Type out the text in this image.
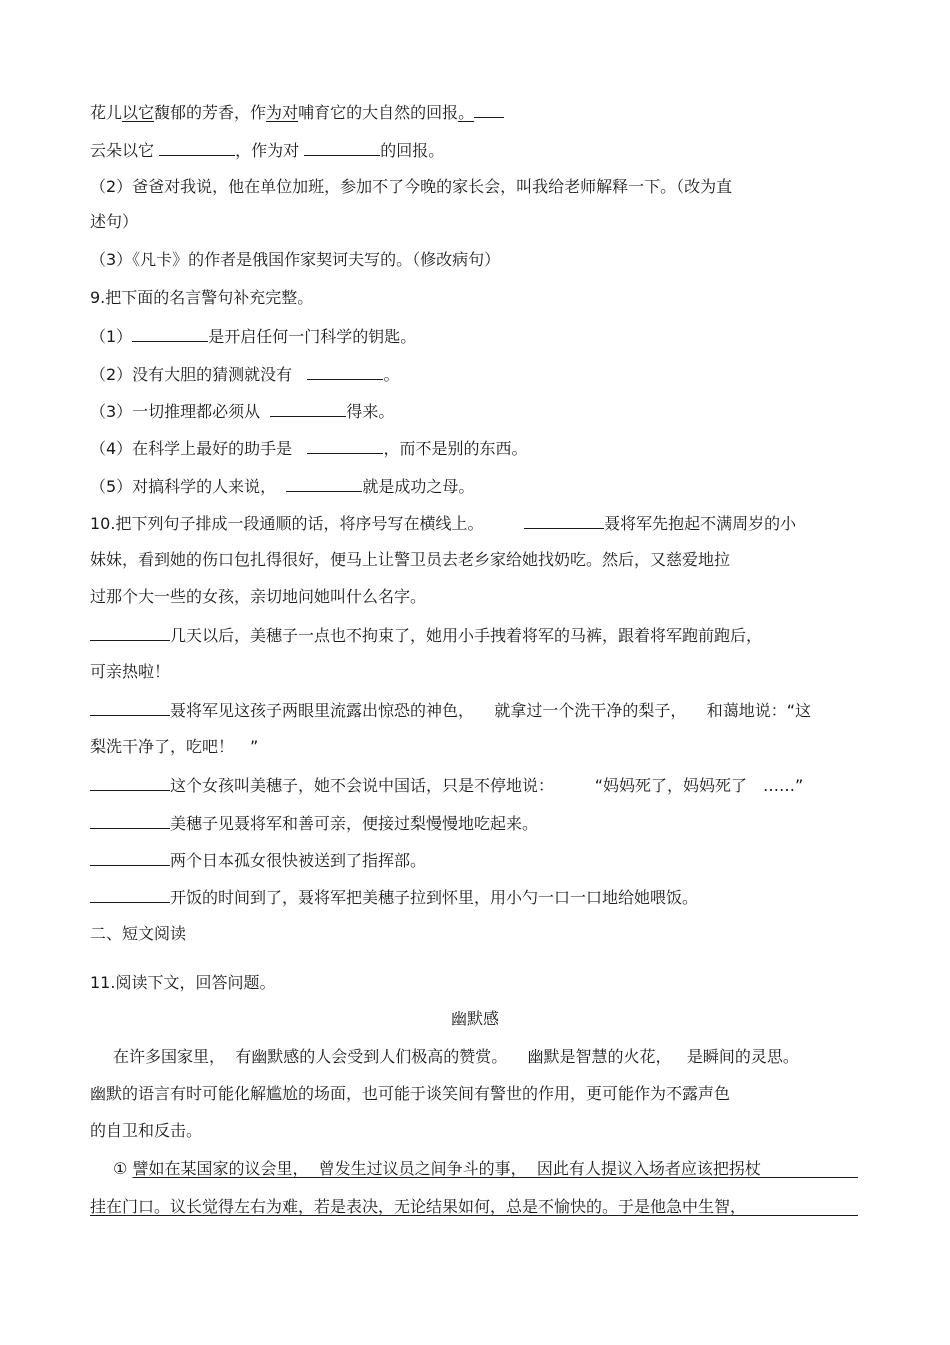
花儿以它馥郁的芳香，作为对哺育它的大自然的回报。
云朵以它	，作为对	的回报。
（2）爸爸对我说，他在单位加班，参加不了今晚的家长会，叫我给老师解释一下。（改为直
述句）
（3）《凡卡》的作者是俄国作家契诃夫写的。（修改病句）
9.把下面的名言警句补充完整。
（1）	是开启任何一门科学的钥匙。
（2）没有大胆的猜测就没有	。
（3）一切推理都必须从	得来。
（4）在科学上最好的助手是	，而不是别的东西。
（5）对搞科学的人来说，	就是成功之母。
10.把下列句子排成一段通顺的话，将序号写在横线上。	聂将军先抱起不满周岁的小
妹妹，看到她的伤口包扎得很好，便马上让警卫员去老乡家给她找奶吃。然后，又慈爱地拉
过那个大一些的女孩，亲切地问她叫什么名字。
几天以后，美穗子一点也不拘束了，她用小手拽着将军的马裤，跟着将军跑前跑后，
可亲热啦！
聂将军见这孩子两眼里流露出惊恐的神色， 就拿过一个洗干净的梨子， 和蔼地说：“这
梨洗干净了，吃吧！　”
这个女孩叫美穗子，她不会说中国话，只是不停地说：	“妈妈死了，妈妈死了　……”
美穗子见聂将军和善可亲，便接过梨慢慢地吃起来。
两个日本孤女很快被送到了指挥部。
开饭的时间到了，聂将军把美穗子拉到怀里，用小勺一口一口地给她喂饭。
二、短文阅读
11.阅读下文，回答问题。
幽默感
在许多国家里， 有幽默感的人会受到人们极高的赞赏。 幽默是智慧的火花， 是瞬间的灵思。
幽默的语言有时可能化解尴尬的场面，也可能于谈笑间有警世的作用，更可能作为不露声色
的自卫和反击。
① 譬如在某国家的议会里， 曾发生过议员之间争斗的事， 因此有人提议入场者应该把拐杖
挂在门口。议长觉得左右为难，若是表决，无论结果如何，总是不愉快的。于是他急中生智，
